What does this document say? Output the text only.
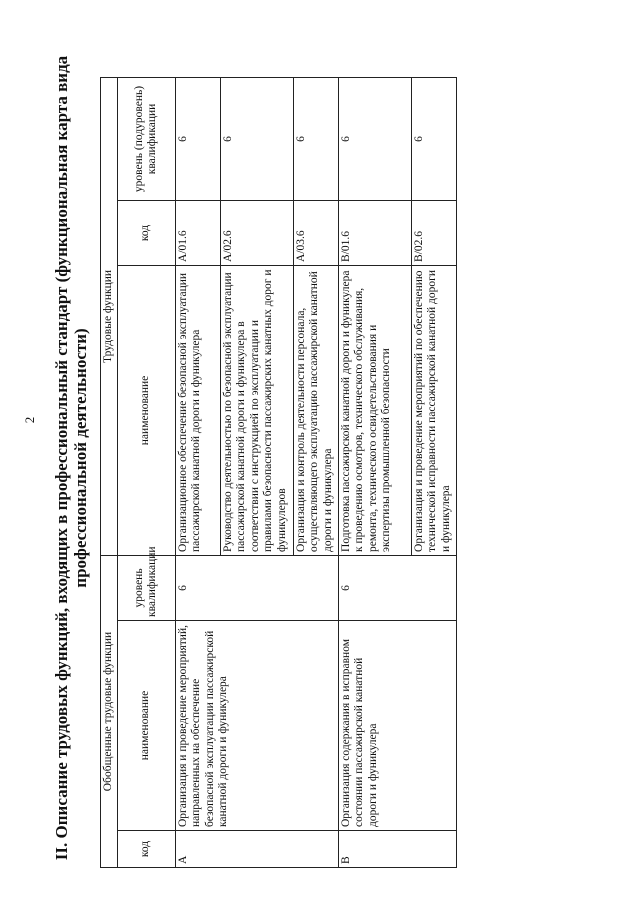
2 II. Описание трудовых функций, входящих в профессиональный стандарт (функциональная карта вида профессиональной деятельности)
Обобщенные трудовые функции			Трудовые функции		
код	наименование	уровень квалификации	наименование	код	уровень (подуровень) квалификации
A	Организация и проведение мероприятий, направленных на обеспечение безопасной эксплуатации пассажирской канатной дороги и фуникулера	6	Организационное обеспечение безопасной эксплуатации пассажирской канатной дороги и фуникулера	A/01.6	6
			Руководство деятельностью по безопасной эксплуатации пассажирской канатной дороги и фуникулера в соответствии с инструкцией по эксплуатации и правилами безопасности пассажирских канатных дорог и фуникулеров	A/02.6	6
			Организация и контроль деятельности персонала, осуществляющего эксплуатацию пассажирской канатной дороги и фуникулера	A/03.6	6
B	Организация содержания в исправном состоянии пассажирской канатной дороги и фуникулера	6	Подготовка пассажирской канатной дороги и фуникулера к проведению осмотров, технического обслуживания, ремонта, технического освидетельствования и экспертизы промышленной безопасности	B/01.6	6
			Организация и проведение мероприятий по обеспечению технической исправности пассажирской канатной дороги и фуникулера	B/02.6	6
